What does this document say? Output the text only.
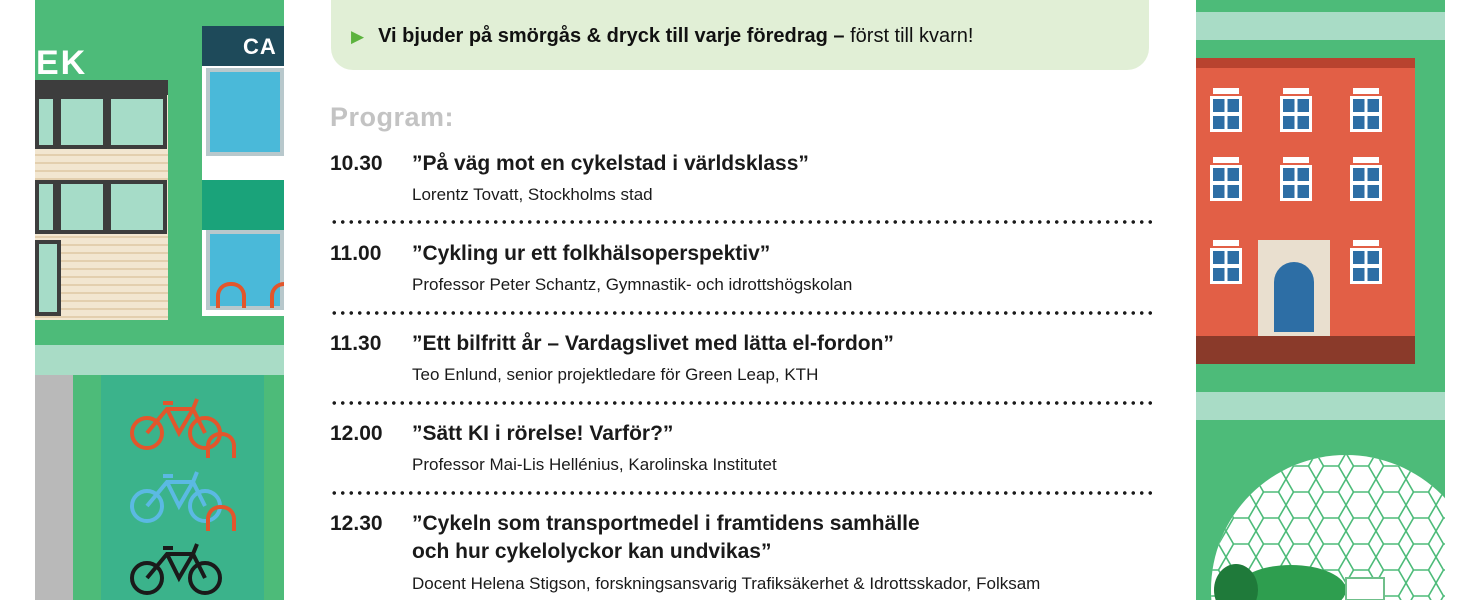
EK	CA	▶ Vi bjuder på smörgås & dryck till varje föredrag – först till kvarn!
Program:
10.30 ”På väg mot en cykelstad i världsklass”
Lorentz Tovatt, Stockholms stad
11.00 ”Cykling ur ett folkhälsoperspektiv”
Professor Peter Schantz, Gymnastik- och idrottshögskolan
11.30 ”Ett bilfritt år – Vardagslivet med lätta el-fordon”
Teo Enlund, senior projektledare för Green Leap, KTH
12.00 ”Sätt KI i rörelse! Varför?”
Professor Mai-Lis Hellénius, Karolinska Institutet
12.30 ”Cykeln som transportmedel i framtidens samhälle
och hur cykelolyckor kan undvikas”
Docent Helena Stigson, forskningsansvarig Trafiksäkerhet & Idrottsskador, Folksam
